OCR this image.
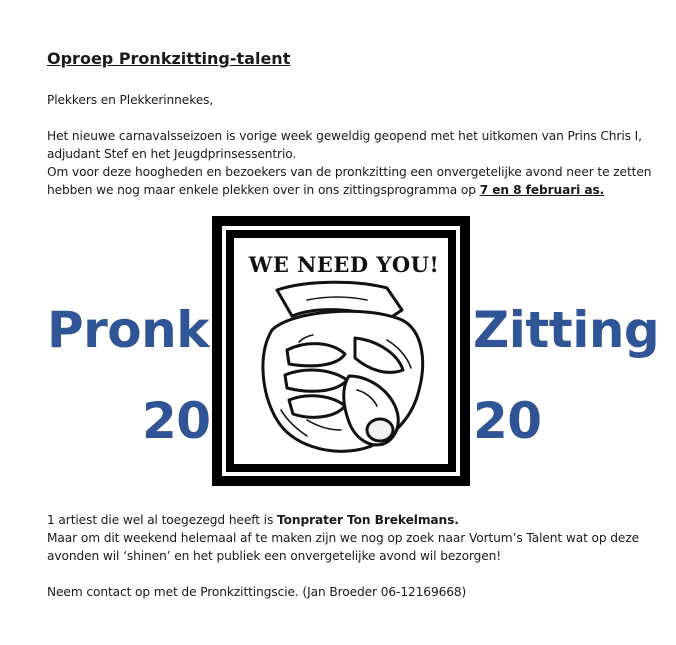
Oproep Pronkzitting-talent
Plekkers en Plekkerinnekes,
Het nieuwe carnavalsseizoen is vorige week geweldig geopend met het uitkomen van Prins Chris I,
adjudant Stef en het Jeugdprinsessentrio.
Om voor deze hoogheden en bezoekers van de pronkzitting een onvergetelijke avond neer te zetten
hebben we nog maar enkele plekken over in ons zittingsprogramma op 7 en 8 februari as.
Pronk	Zitting
20	20
WE NEED YOU!
1 artiest die wel al toegezegd heeft is Tonprater Ton Brekelmans.
Maar om dit weekend helemaal af te maken zijn we nog op zoek naar Vortum’s Talent wat op deze
avonden wil ‘shinen’ en het publiek een onvergetelijke avond wil bezorgen!
Neem contact op met de Pronkzittingscie. (Jan Broeder 06-12169668)
